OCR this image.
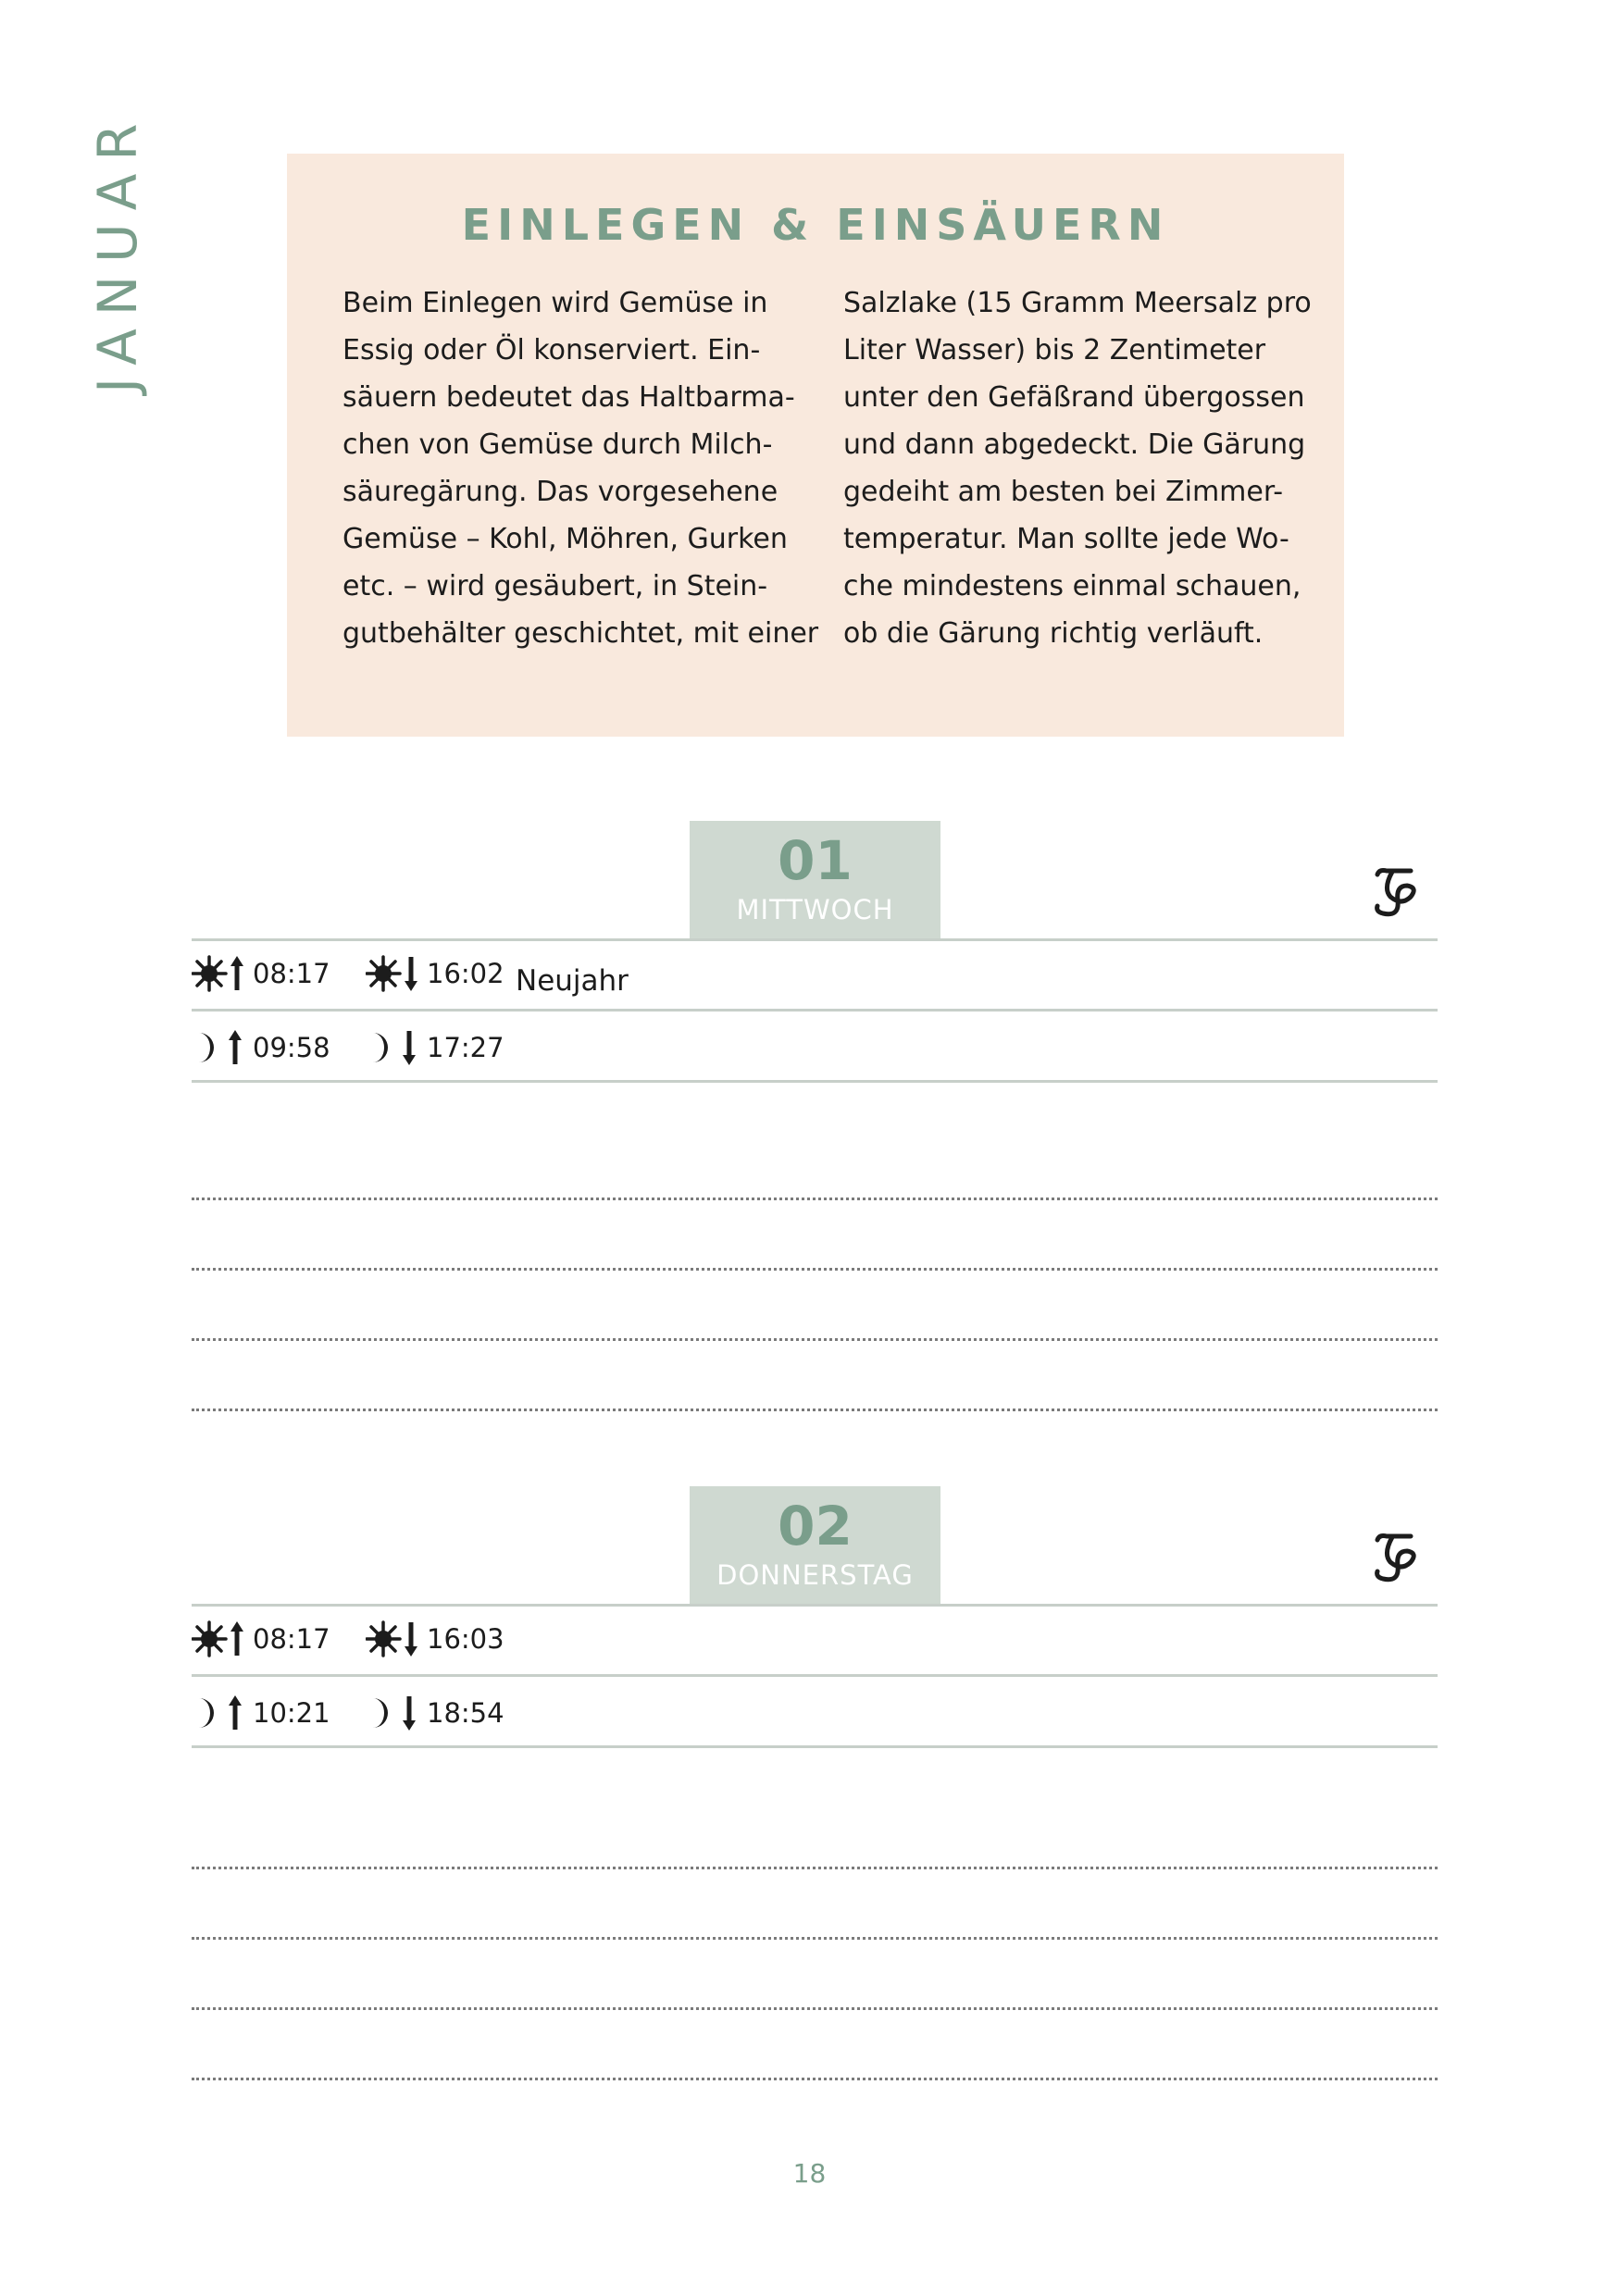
JANUAR	EINLEGEN & EINSÄUERN
Beim Einlegen wird Gemüse in
Essig oder Öl konserviert. Ein-
säuern bedeutet das Haltbarma-
chen von Gemüse durch Milch-
säuregärung. Das vorgesehene
Gemüse – Kohl, Möhren, Gurken
etc. – wird gesäubert, in Stein-
gutbehälter geschichtet, mit einer
Salzlake (15 Gramm Meersalz pro
Liter Wasser) bis 2 Zentimeter
unter den Gefäßrand übergossen
und dann abgedeckt. Die Gärung
gedeiht am besten bei Zimmer-
temperatur. Man sollte jede Wo-
che mindestens einmal schauen,
ob die Gärung richtig verläuft.
01
MITTWOCH
08:17	16:02 Neujahr
09:58	17:27
02
DONNERSTAG
08:17	16:03
10:21	18:54
18
